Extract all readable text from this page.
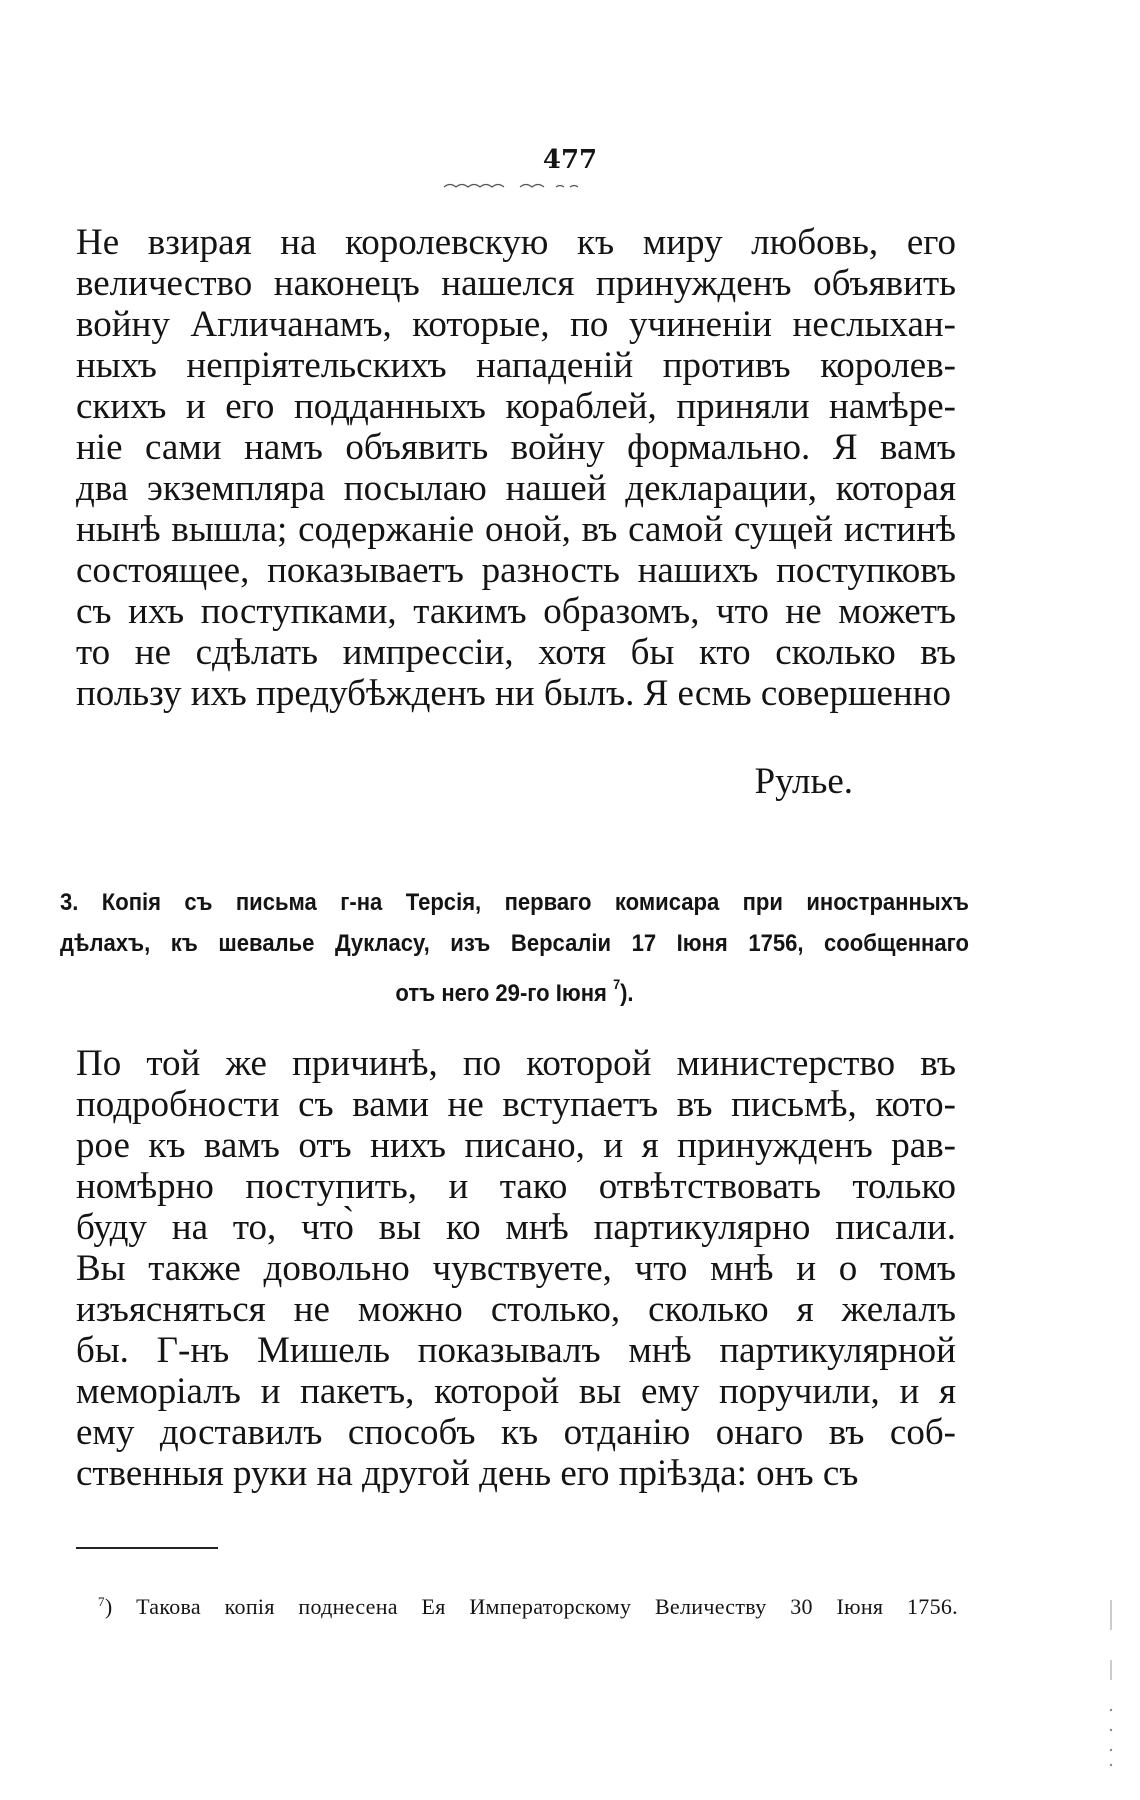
477
Не взирая на королевскую къ миру любовь, его
величество наконецъ нашелся принужденъ объявить
войну Агличанамъ, которые, по учиненіи неслыхан-
ныхъ непріятельскихъ нападеній противъ королев-
скихъ и его подданныхъ кораблей, приняли намѣре-
ніе сами намъ объявить войну формально. Я вамъ
два экземпляра посылаю нашей декларации, которая
нынѣ вышла; содержаніе оной, въ самой сущей истинѣ
состоящее, показываетъ разность нашихъ поступковъ
съ ихъ поступками, такимъ образомъ, что не можетъ
то не сдѣлать импрессіи, хотя бы кто сколько въ
пользу ихъ предубѣжденъ ни былъ. Я есмь совершенно
Рулье.
3. Копія съ письма г-на Терсія, перваго комисара при иностранныхъ
дѣлахъ, къ шевалье Дукласу, изъ Версаліи 17 Іюня 1756, сообщеннаго
отъ него 29-го Іюня $^7$).
По той же причинѣ, по которой министерство въ
подробности съ вами не вступаетъ въ письмѣ, кото-
рое къ вамъ отъ нихъ писано, и я принужденъ рав-
номѣрно поступить, и тако отвѣтствовать только
буду на то, что̀ вы ко мнѣ партикулярно писали.
Вы также довольно чувствуете, что мнѣ и о томъ
изъясняться не можно столько, сколько я желалъ
бы. Г-нъ Мишель показывалъ мнѣ партикулярной
меморіалъ и пакетъ, которой вы ему поручили, и я
ему доставилъ способъ къ отданію онаго въ соб-
ственныя руки на другой день его пріѣзда: онъ съ
$^7$) Такова копія поднесена Ея Императорскому Величеству 30 Іюня 1756.
